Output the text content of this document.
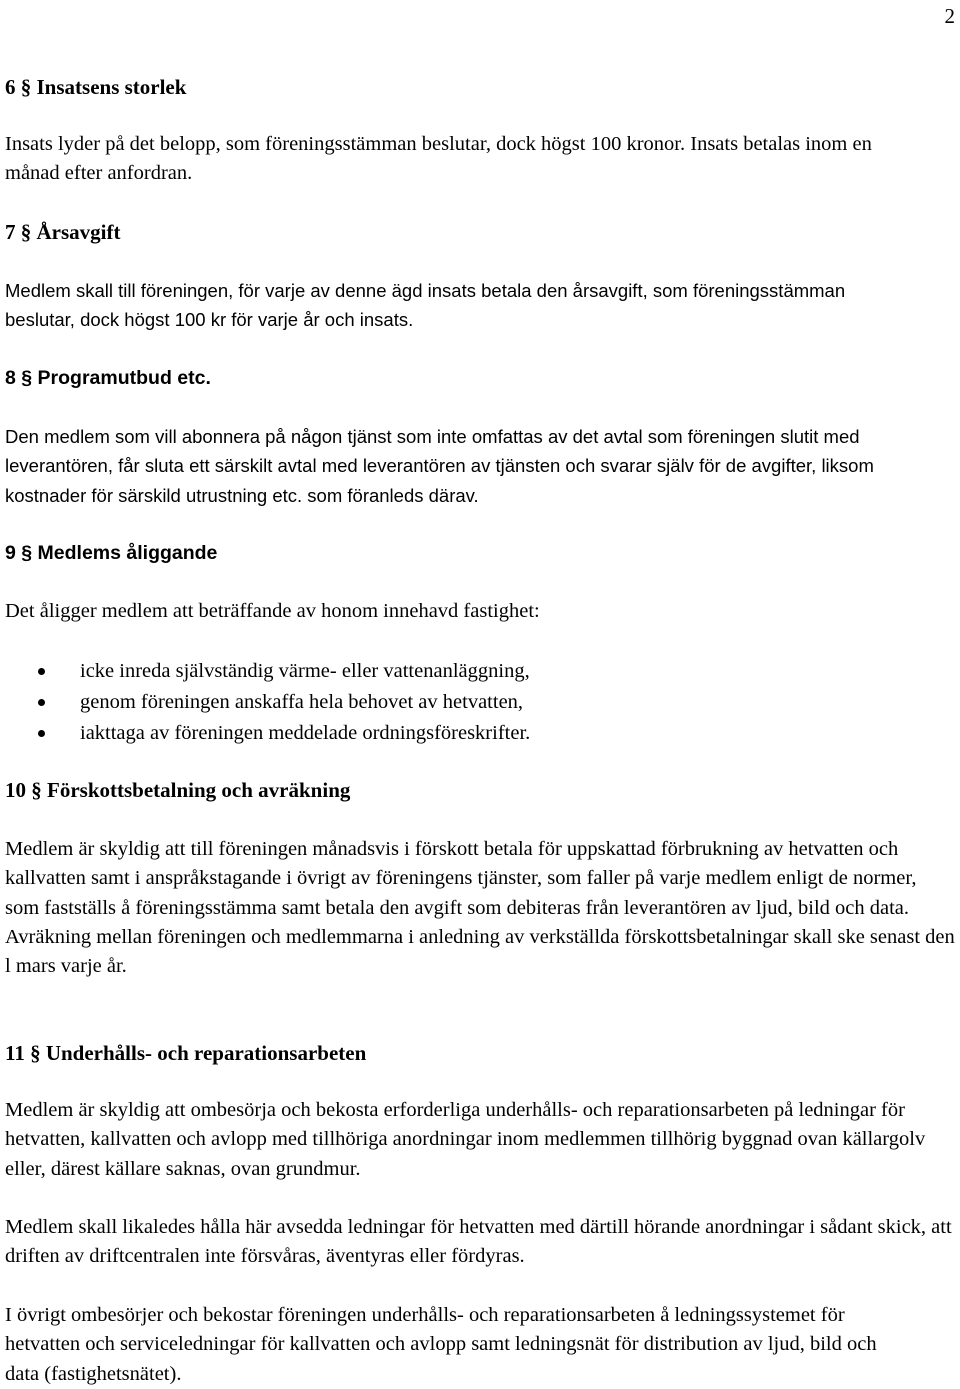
2
6 § Insatsens storlek

Insats lyder på det belopp, som föreningsstämman beslutar, dock högst 100 kronor. Insats betalas inom en månad efter anfordran.

7 § Årsavgift

Medlem skall till föreningen, för varje av denne ägd insats betala den årsavgift, som föreningsstämman beslutar, dock högst 100 kr för varje år och insats.

8 § Programutbud etc.

Den medlem som vill abonnera på någon tjänst som inte omfattas av det avtal som föreningen slutit med leverantören, får sluta ett särskilt avtal med leverantören av tjänsten och svarar själv för de avgifter, liksom kostnader för särskild utrustning etc. som föranleds därav.

9 § Medlems åliggande

Det åligger medlem att beträffande av honom innehavd fastighet:

icke inreda självständig värme- eller vattenanläggning,
genom föreningen anskaffa hela behovet av hetvatten,
iakttaga av föreningen meddelade ordningsföreskrifter.
10 § Förskottsbetalning och avräkning

Medlem är skyldig att till föreningen månadsvis i förskott betala för uppskattad förbrukning av hetvatten och kallvatten samt i anspråkstagande i övrigt av föreningens tjänster, som faller på varje medlem enligt de normer, som fastställs å föreningsstämma samt betala den avgift som debiteras från leverantören av ljud, bild och data. Avräkning mellan föreningen och medlemmarna i anledning av verkställda förskottsbetalningar skall ske senast den l mars varje år.

11 § Underhålls- och reparationsarbeten

Medlem är skyldig att ombesörja och bekosta erforderliga underhålls- och reparationsarbeten på ledningar för hetvatten, kallvatten och avlopp med tillhöriga anordningar inom medlemmen tillhörig byggnad ovan källargolv eller, därest källare saknas, ovan grundmur.

Medlem skall likaledes hålla här avsedda ledningar för hetvatten med därtill hörande anordningar i sådant skick, att driften av driftcentralen inte försvåras, äventyras eller fördyras.

I övrigt ombesörjer och bekostar föreningen underhålls- och reparationsarbeten å ledningssystemet för hetvatten och serviceledningar för kallvatten och avlopp samt ledningsnät för distribution av ljud, bild och data (fastighetsnätet).
